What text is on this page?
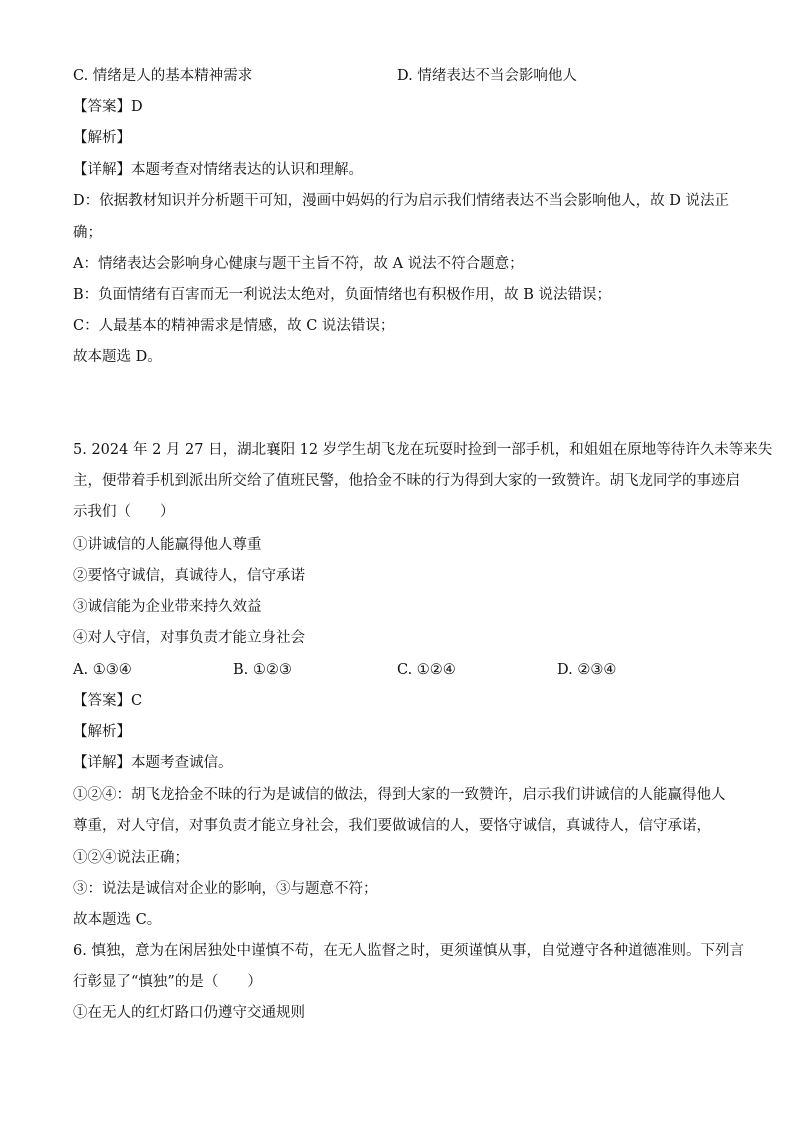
C. 情绪是人的基本精神需求	D. 情绪表达不当会影响他人
【答案】D
【解析】
【详解】本题考查对情绪表达的认识和理解。
D：依据教材知识并分析题干可知，漫画中妈妈的行为启示我们情绪表达不当会影响他人，故 D 说法正
确；
A：情绪表达会影响身心健康与题干主旨不符，故 A 说法不符合题意；
B：负面情绪有百害而无一利说法太绝对，负面情绪也有积极作用，故 B 说法错误；
C：人最基本的精神需求是情感，故 C 说法错误；
故本题选 D。
5. 2024 年 2 月 27 日，湖北襄阳 12 岁学生胡飞龙在玩耍时捡到一部手机，和姐姐在原地等待许久未等来失
主，便带着手机到派出所交给了值班民警，他拾金不昧的行为得到大家的一致赞许。胡飞龙同学的事迹启
示我们（　　）
①讲诚信的人能赢得他人尊重
②要恪守诚信，真诚待人，信守承诺
③诚信能为企业带来持久效益
④对人守信，对事负责才能立身社会
A. ①③④	B. ①②③	C. ①②④	D. ②③④
【答案】C
【解析】
【详解】本题考查诚信。
①②④：胡飞龙拾金不昧的行为是诚信的做法，得到大家的一致赞许，启示我们讲诚信的人能赢得他人
尊重，对人守信，对事负责才能立身社会，我们要做诚信的人，要恪守诚信，真诚待人，信守承诺，
①②④说法正确；
③：说法是诚信对企业的影响，③与题意不符；
故本题选 C。
6. 慎独，意为在闲居独处中谨慎不苟，在无人监督之时，更须谨慎从事，自觉遵守各种道德准则。下列言
行彰显了“慎独”的是（　　）
①在无人的红灯路口仍遵守交通规则
